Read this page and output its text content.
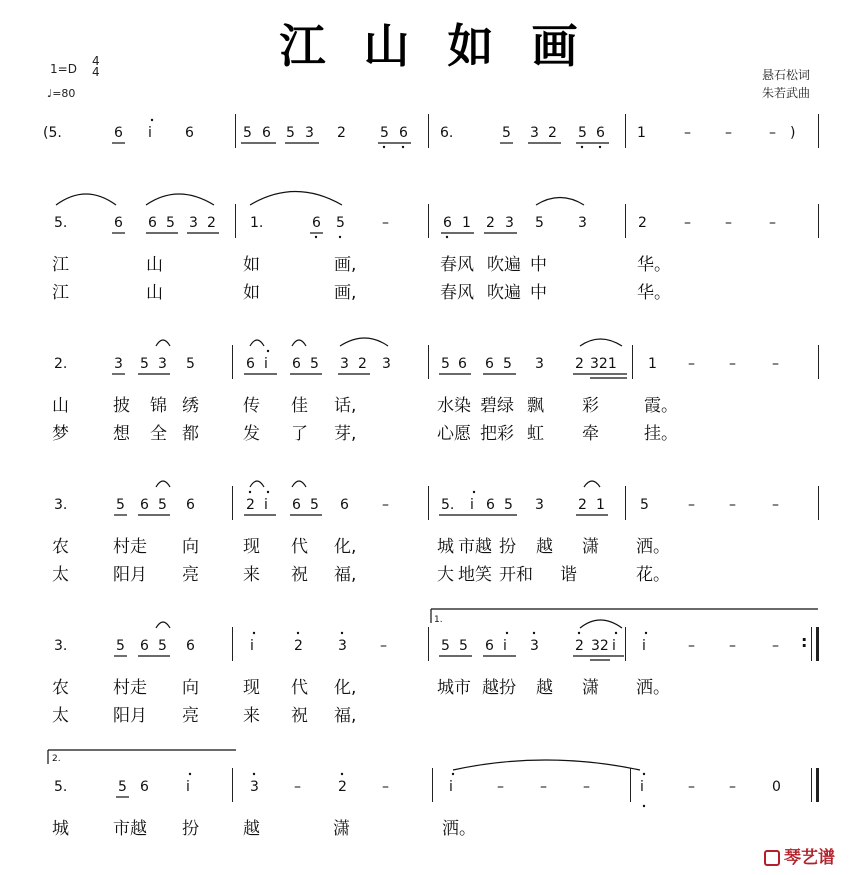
江山如画
1=D
4
4
♩=80
悬石松词
朱若武曲
(5.	6 i 6	5 6 5 3 2 5 6 6.	5 3 2 5 6 1	– –	– )
5.	6 6 5 3 2 1.	6 5	–	6 1 2 3 5 3	2	– –	–
江	山	如	画,	春风 吹遍 中	华。
江	山	如	画,	春风 吹遍 中	华。
2.	3 5 3 5	6 i 6 5 3 2 3	5 6 6 5 3 2 321 1 – –	–
山	披 锦 绣	传 佳 话,	水染 碧绿 飘 彩	霞。
梦	想 全 都	发 了 芽,	心愿 把彩 虹 牵	挂。
3.	5 6 5 6	2 i 6 5 6 –	5. i 6 5 3 2 1	5	– –	–
农	村走 向	现 代 化,	城 市越 扮 越 潇 洒。
太	阳月 亮	来 祝 福,	大 地笑 开和 谐	花。
1.
3.	5 6 5 6	i	2	3 –	5 5 6 i 3	2 32 i i	– –	– :
农	村走 向	现 代 化,	城市 越扮 越 潇 洒。
太	阳月 亮	来 祝 福,
2.
5.	5 6	i	3	–	2	–	i	–	–	–	i	– –	0
城	市越 扮	越	潇	洒。
琴艺谱
